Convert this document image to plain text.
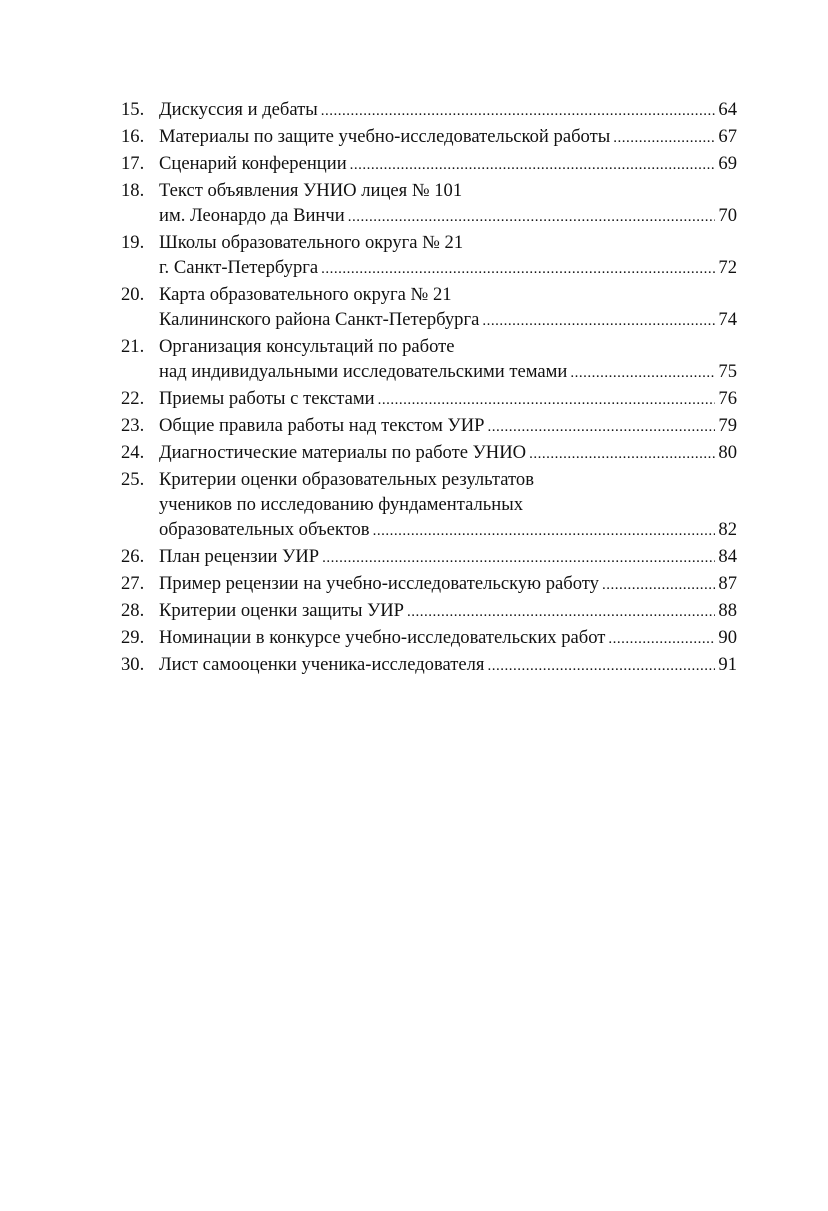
15. Дискуссия и дебаты .....	64
16. Материалы по защите учебно-исследовательской работы .....	67
17. Сценарий конференции .....	69
18. Текст объявления УНИО лицея № 101
им. Леонардо да Винчи .....	70
19. Школы образовательного округа № 21
г. Санкт-Петербурга .....	72
20. Карта образовательного округа № 21
Калининского района Санкт-Петербурга .....	74
21. Организация консультаций по работе
над индивидуальными исследовательскими темами .....	75
22. Приемы работы с текстами .....	76
23. Общие правила работы над текстом УИР .....	79
24. Диагностические материалы по работе УНИО .....	80
25. Критерии оценки образовательных результатов
учеников по исследованию фундаментальных
образовательных объектов .....	82
26. План рецензии УИР .....	84
27. Пример рецензии на учебно-исследовательскую работу .....	87
28. Критерии оценки защиты УИР .....	88
29. Номинации в конкурсе учебно-исследовательских работ .....	90
30. Лист самооценки ученика-исследователя .....	91
